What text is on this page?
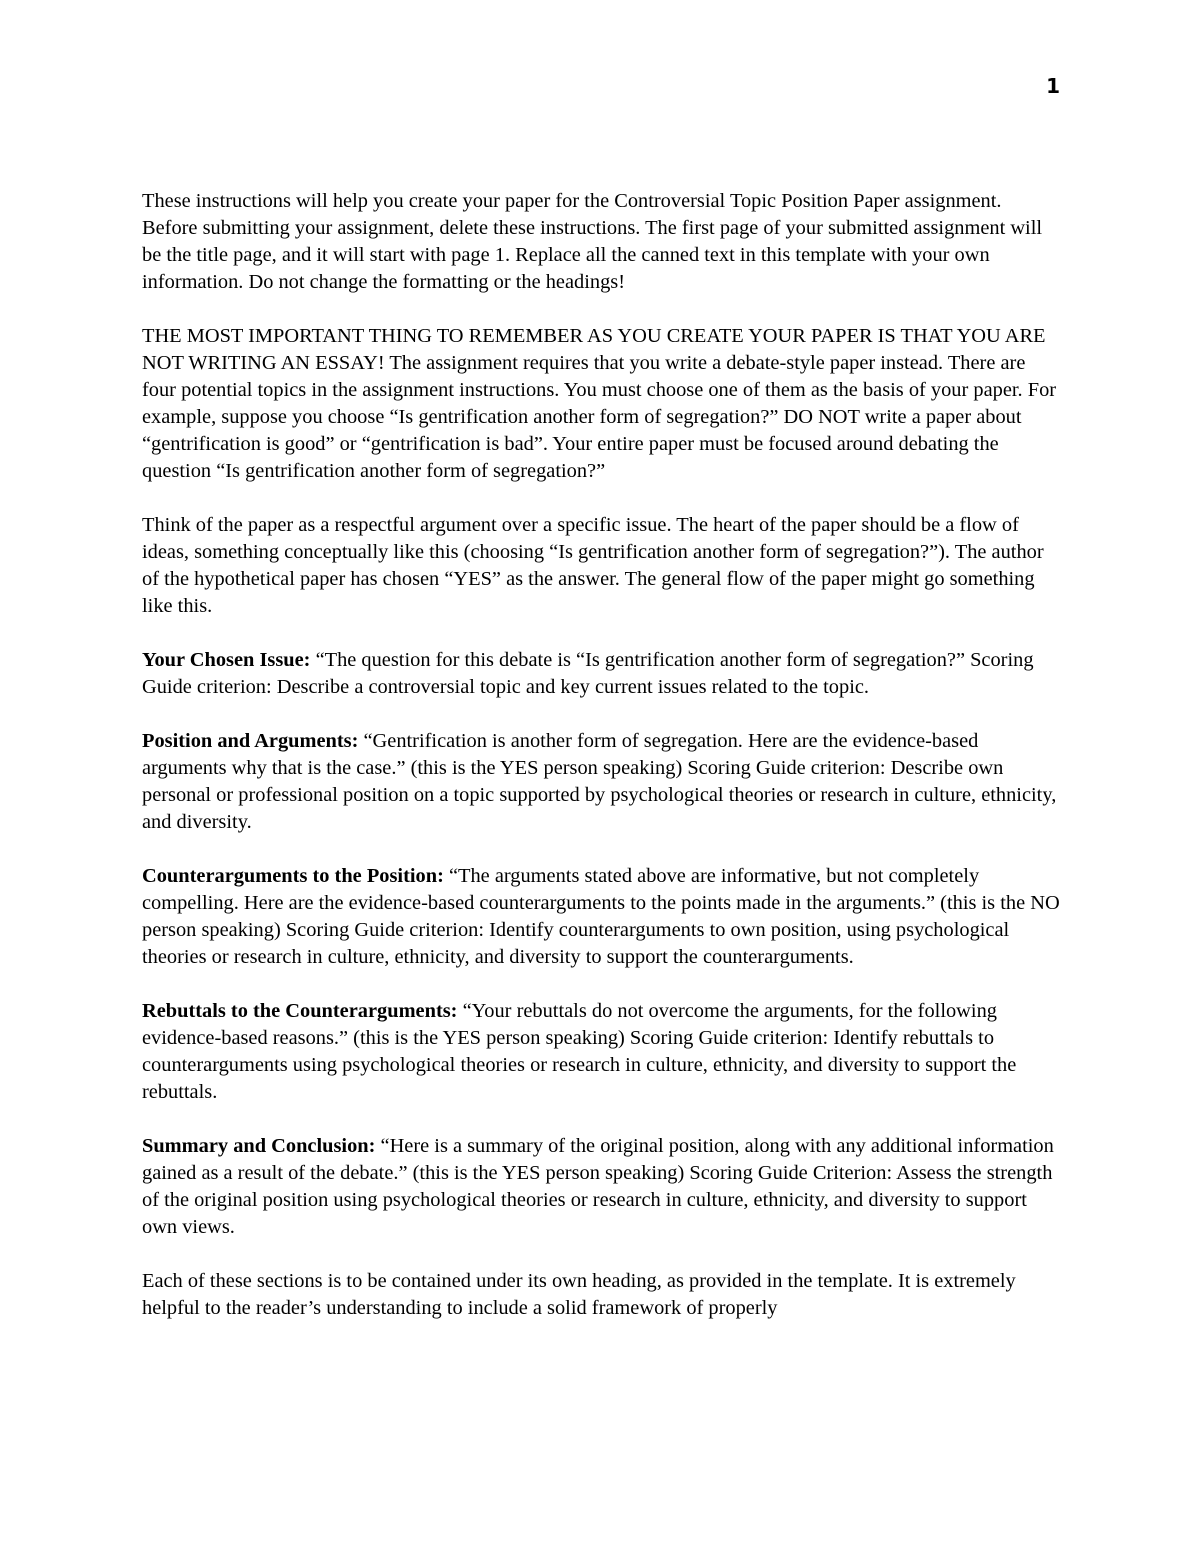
1

These instructions will help you create your paper for the Controversial Topic Position Paper assignment. Before submitting your assignment, delete these instructions. The first page of your submitted assignment will be the title page, and it will start with page 1. Replace all the canned text in this template with your own information. Do not change the formatting or the headings!

THE MOST IMPORTANT THING TO REMEMBER AS YOU CREATE YOUR PAPER IS THAT YOU ARE NOT WRITING AN ESSAY! The assignment requires that you write a debate-style paper instead. There are four potential topics in the assignment instructions. You must choose one of them as the basis of your paper. For example, suppose you choose “Is gentrification another form of segregation?” DO NOT write a paper about “gentrification is good” or “gentrification is bad”. Your entire paper must be focused around debating the question “Is gentrification another form of segregation?”

Think of the paper as a respectful argument over a specific issue. The heart of the paper should be a flow of ideas, something conceptually like this (choosing “Is gentrification another form of segregation?”). The author of the hypothetical paper has chosen “YES” as the answer. The general flow of the paper might go something like this.

Your Chosen Issue: “The question for this debate is “Is gentrification another form of segregation?” Scoring Guide criterion: Describe a controversial topic and key current issues related to the topic.

Position and Arguments: “Gentrification is another form of segregation. Here are the evidence-based arguments why that is the case.” (this is the YES person speaking) Scoring Guide criterion: Describe own personal or professional position on a topic supported by psychological theories or research in culture, ethnicity, and diversity.

Counterarguments to the Position: “The arguments stated above are informative, but not completely compelling. Here are the evidence-based counterarguments to the points made in the arguments.” (this is the NO person speaking) Scoring Guide criterion: Identify counterarguments to own position, using psychological theories or research in culture, ethnicity, and diversity to support the counterarguments.

Rebuttals to the Counterarguments: “Your rebuttals do not overcome the arguments, for the following evidence-based reasons.” (this is the YES person speaking) Scoring Guide criterion: Identify rebuttals to counterarguments using psychological theories or research in culture, ethnicity, and diversity to support the rebuttals.

Summary and Conclusion: “Here is a summary of the original position, along with any additional information gained as a result of the debate.” (this is the YES person speaking) Scoring Guide Criterion: Assess the strength of the original position using psychological theories or research in culture, ethnicity, and diversity to support own views.

Each of these sections is to be contained under its own heading, as provided in the template. It is extremely helpful to the reader’s understanding to include a solid framework of properly
